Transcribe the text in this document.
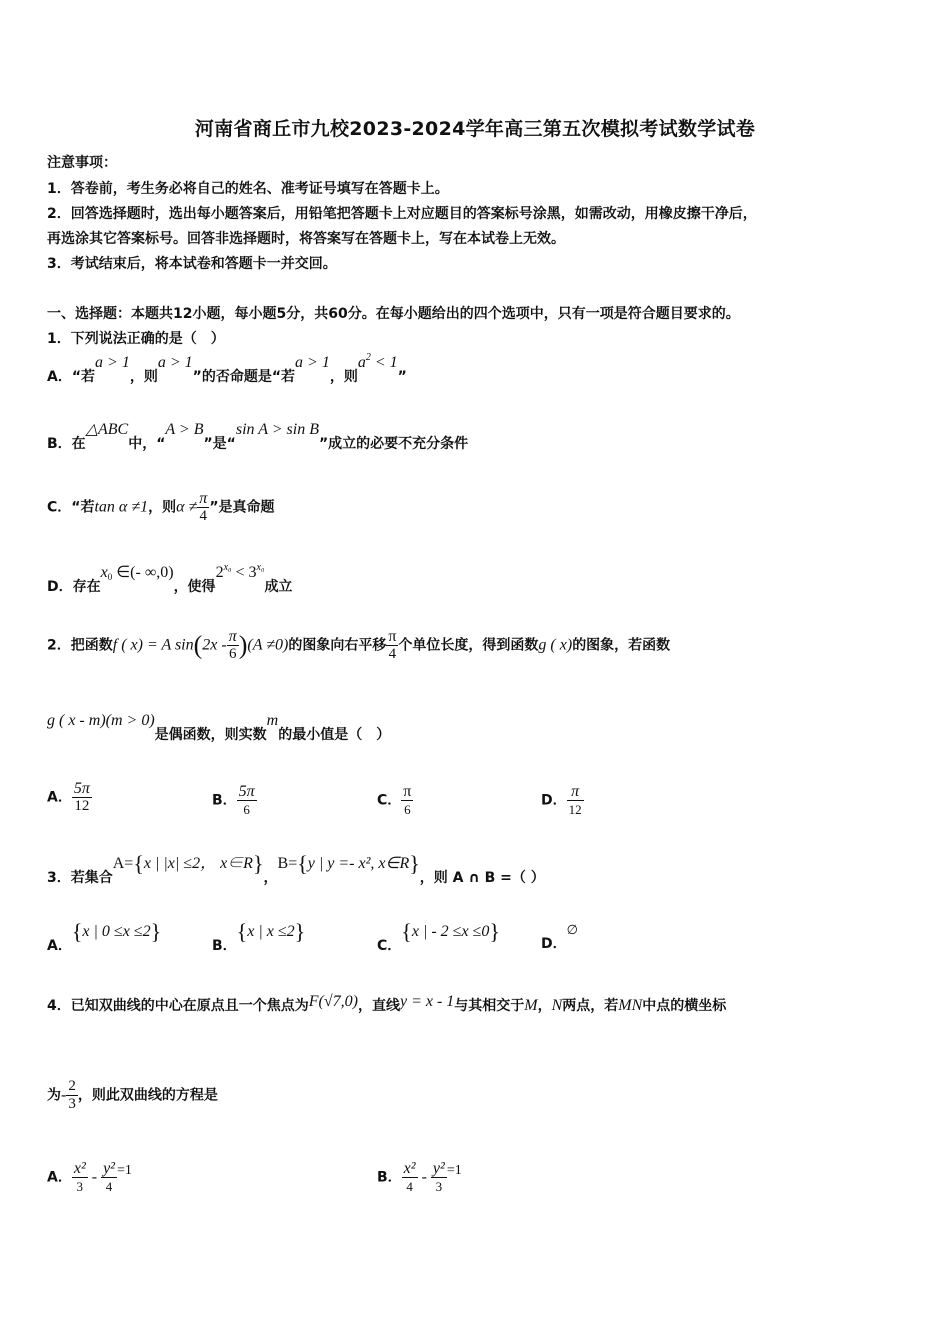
河南省商丘市九校2023-2024学年高三第五次模拟考试数学试卷
注意事项：
1．答卷前，考生务必将自己的姓名、准考证号填写在答题卡上。
2．回答选择题时，选出每小题答案后，用铅笔把答题卡上对应题目的答案标号涂黑，如需改动，用橡皮擦干净后，
再选涂其它答案标号。回答非选择题时，将答案写在答题卡上，写在本试卷上无效。
3．考试结束后，将本试卷和答题卡一并交回。
一、选择题：本题共12小题，每小题5分，共60分。在每小题给出的四个选项中，只有一项是符合题目要求的。
1．下列说法正确的是（　）
A．“若a > 1，则a > 1”的否命题是“若a > 1，则$a^2 < 1$”
B．在△ABC中，“A > B”是“sin A > sin B”成立的必要不充分条件
C．“若tan α ≠1，则$\alpha \ne \frac{\pi}{4}$ ”是真命题
D．存在$x_0$ ∈(- ∞,0)，使得$2^{x_0} < 3^{x_0}$成立
2．把函数f ( x) = A $\sin(2x - \frac{\pi}{6} )(A \ne 0)$的图象向右平移 $\frac{\pi}{4}$ 个单位长度，得到函数g ( x)的图象，若函数
g ( x - m)(m > 0)是偶函数，则实数m的最小值是（　）
A． $\frac{5\pi}{12}$	B． $\frac{5\pi}{6}$	C． $\frac{\pi}{6}$	D． $\frac{\pi}{12}$
3．若集合A={x | |x| ≤2， x∈R}，B={y | y =- x², x∈R}，则 A ∩ B =（ ）
A．{x | 0 ≤x ≤2}
B．{x | x ≤2}
C．{x | - 2 ≤x ≤0}	D．∅
4．已知双曲线的中心在原点且一个焦点为F(√7,0)，直线y = x - 1与其相交于M，N两点，若MN中点的横坐标
为- $\frac{2}{3}$ ，则此双曲线的方程是
A． $\frac{\text{x²}}{3} - \frac{\text{y²}}{4} =1$	B． $\frac{\text{x²}}{4} - \frac{\text{y²}}{3} =1$
